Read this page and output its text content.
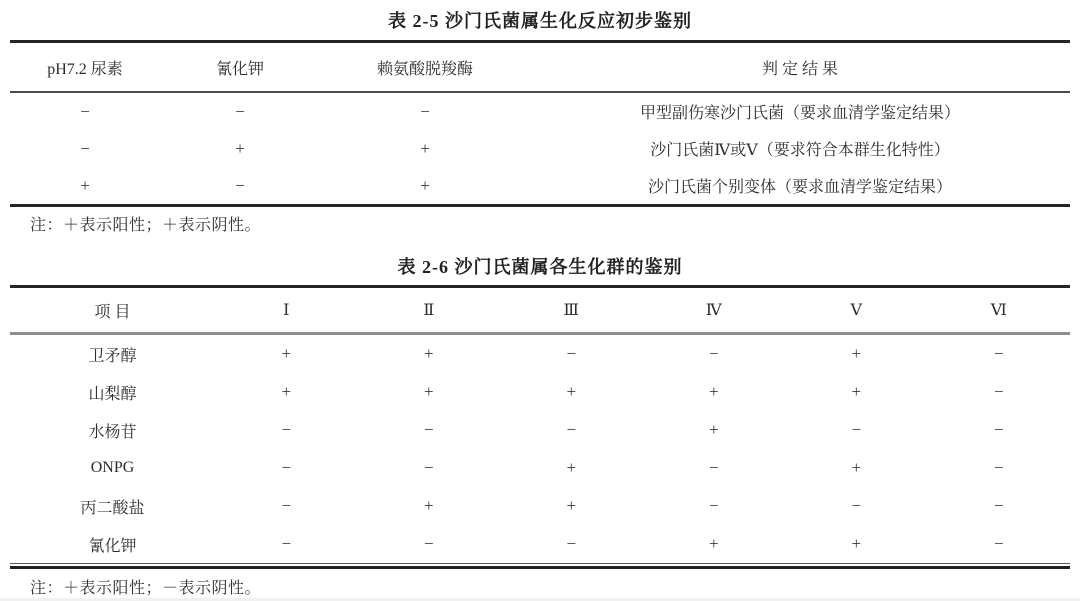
表 2-5 沙门氏菌属生化反应初步鉴别
pH7.2 尿素	氰化钾	赖氨酸脱羧酶	判 定 结 果
−	−	−	甲型副伤寒沙门氏菌（要求血清学鉴定结果）
−	+	+	沙门氏菌Ⅳ或Ⅴ（要求符合本群生化特性）
+	−	+	沙门氏菌个别变体（要求血清学鉴定结果）
注：＋表示阳性；＋表示阴性。
表 2-6 沙门氏菌属各生化群的鉴别
项 目	Ⅰ	Ⅱ	Ⅲ	Ⅳ	Ⅴ	Ⅵ
卫矛醇	+	+	−	−	+	−
山梨醇	+	+	+	+	+	−
水杨苷	−	−	−	+	−	−
ONPG	−	−	+	−	+	−
丙二酸盐	−	+	+	−	−	−
氰化钾	−	−	−	+	+	−
注：＋表示阳性；－表示阴性。
